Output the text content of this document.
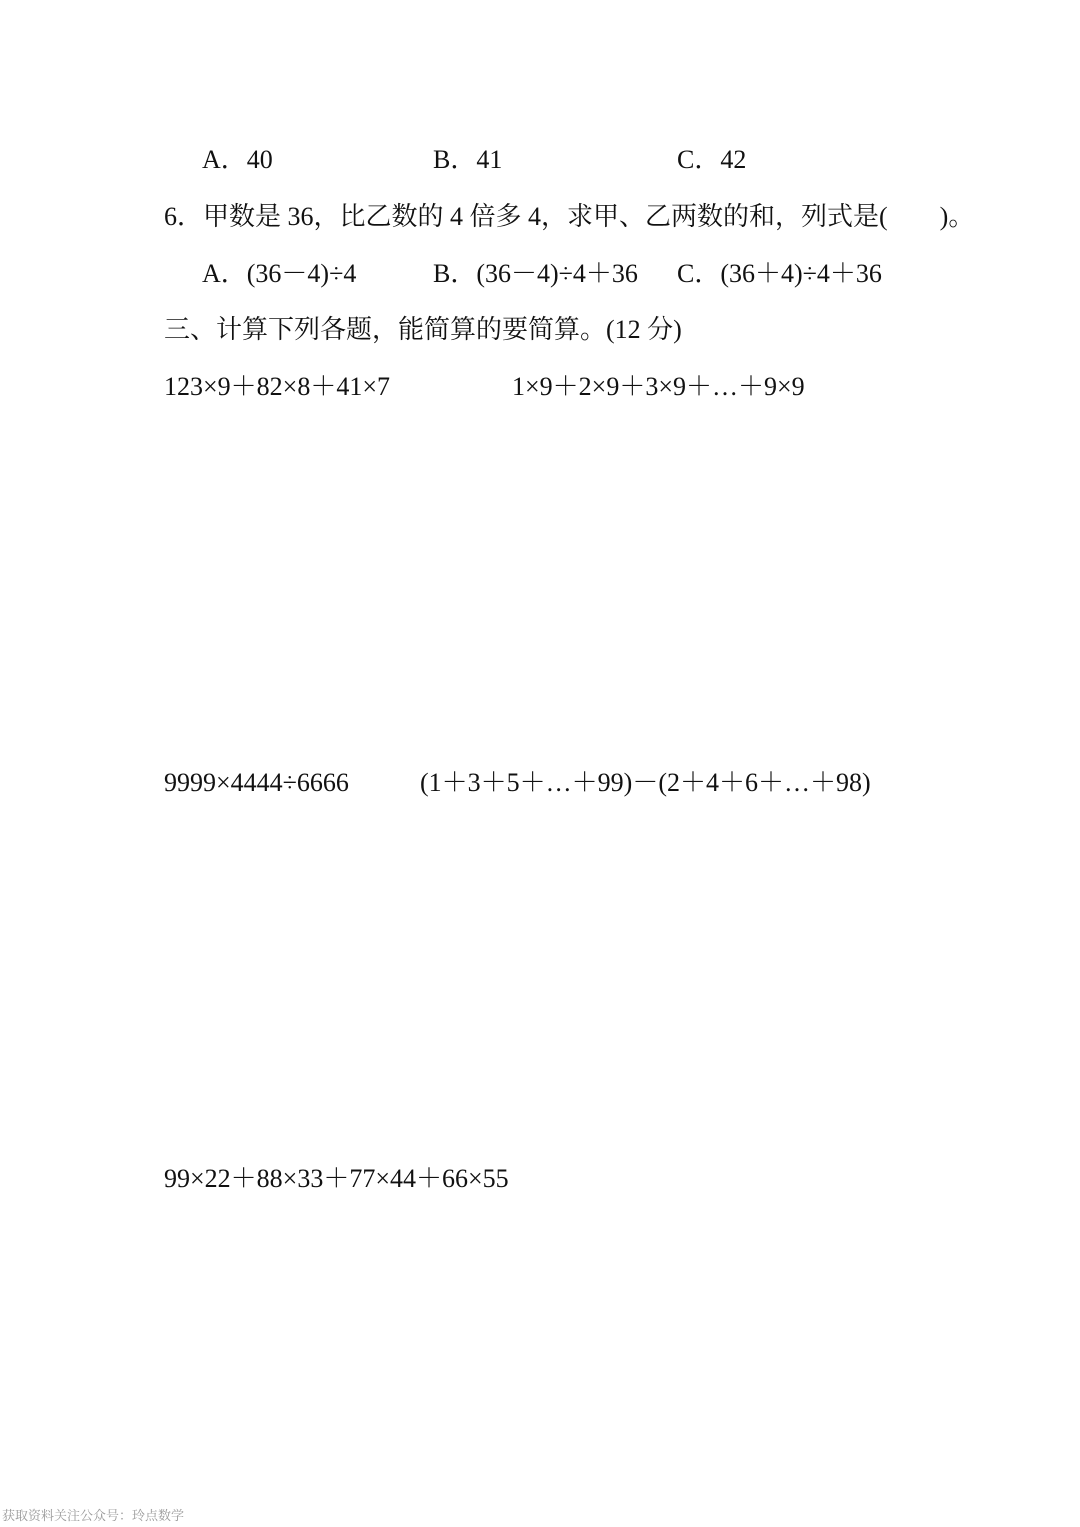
A．40	B．41	C．42
6．甲数是 36，比乙数的 4 倍多 4，求甲、乙两数的和，列式是(　　)。
A．(36－4)÷4	B．(36－4)÷4＋36 C．(36＋4)÷4＋36
三、计算下列各题，能简算的要简算。(12 分)
123×9＋82×8＋41×7	1×9＋2×9＋3×9＋…＋9×9
9999×4444÷6666	(1＋3＋5＋…＋99)－(2＋4＋6＋…＋98)
99×22＋88×33＋77×44＋66×55
获取资料关注公众号：玲点数学
